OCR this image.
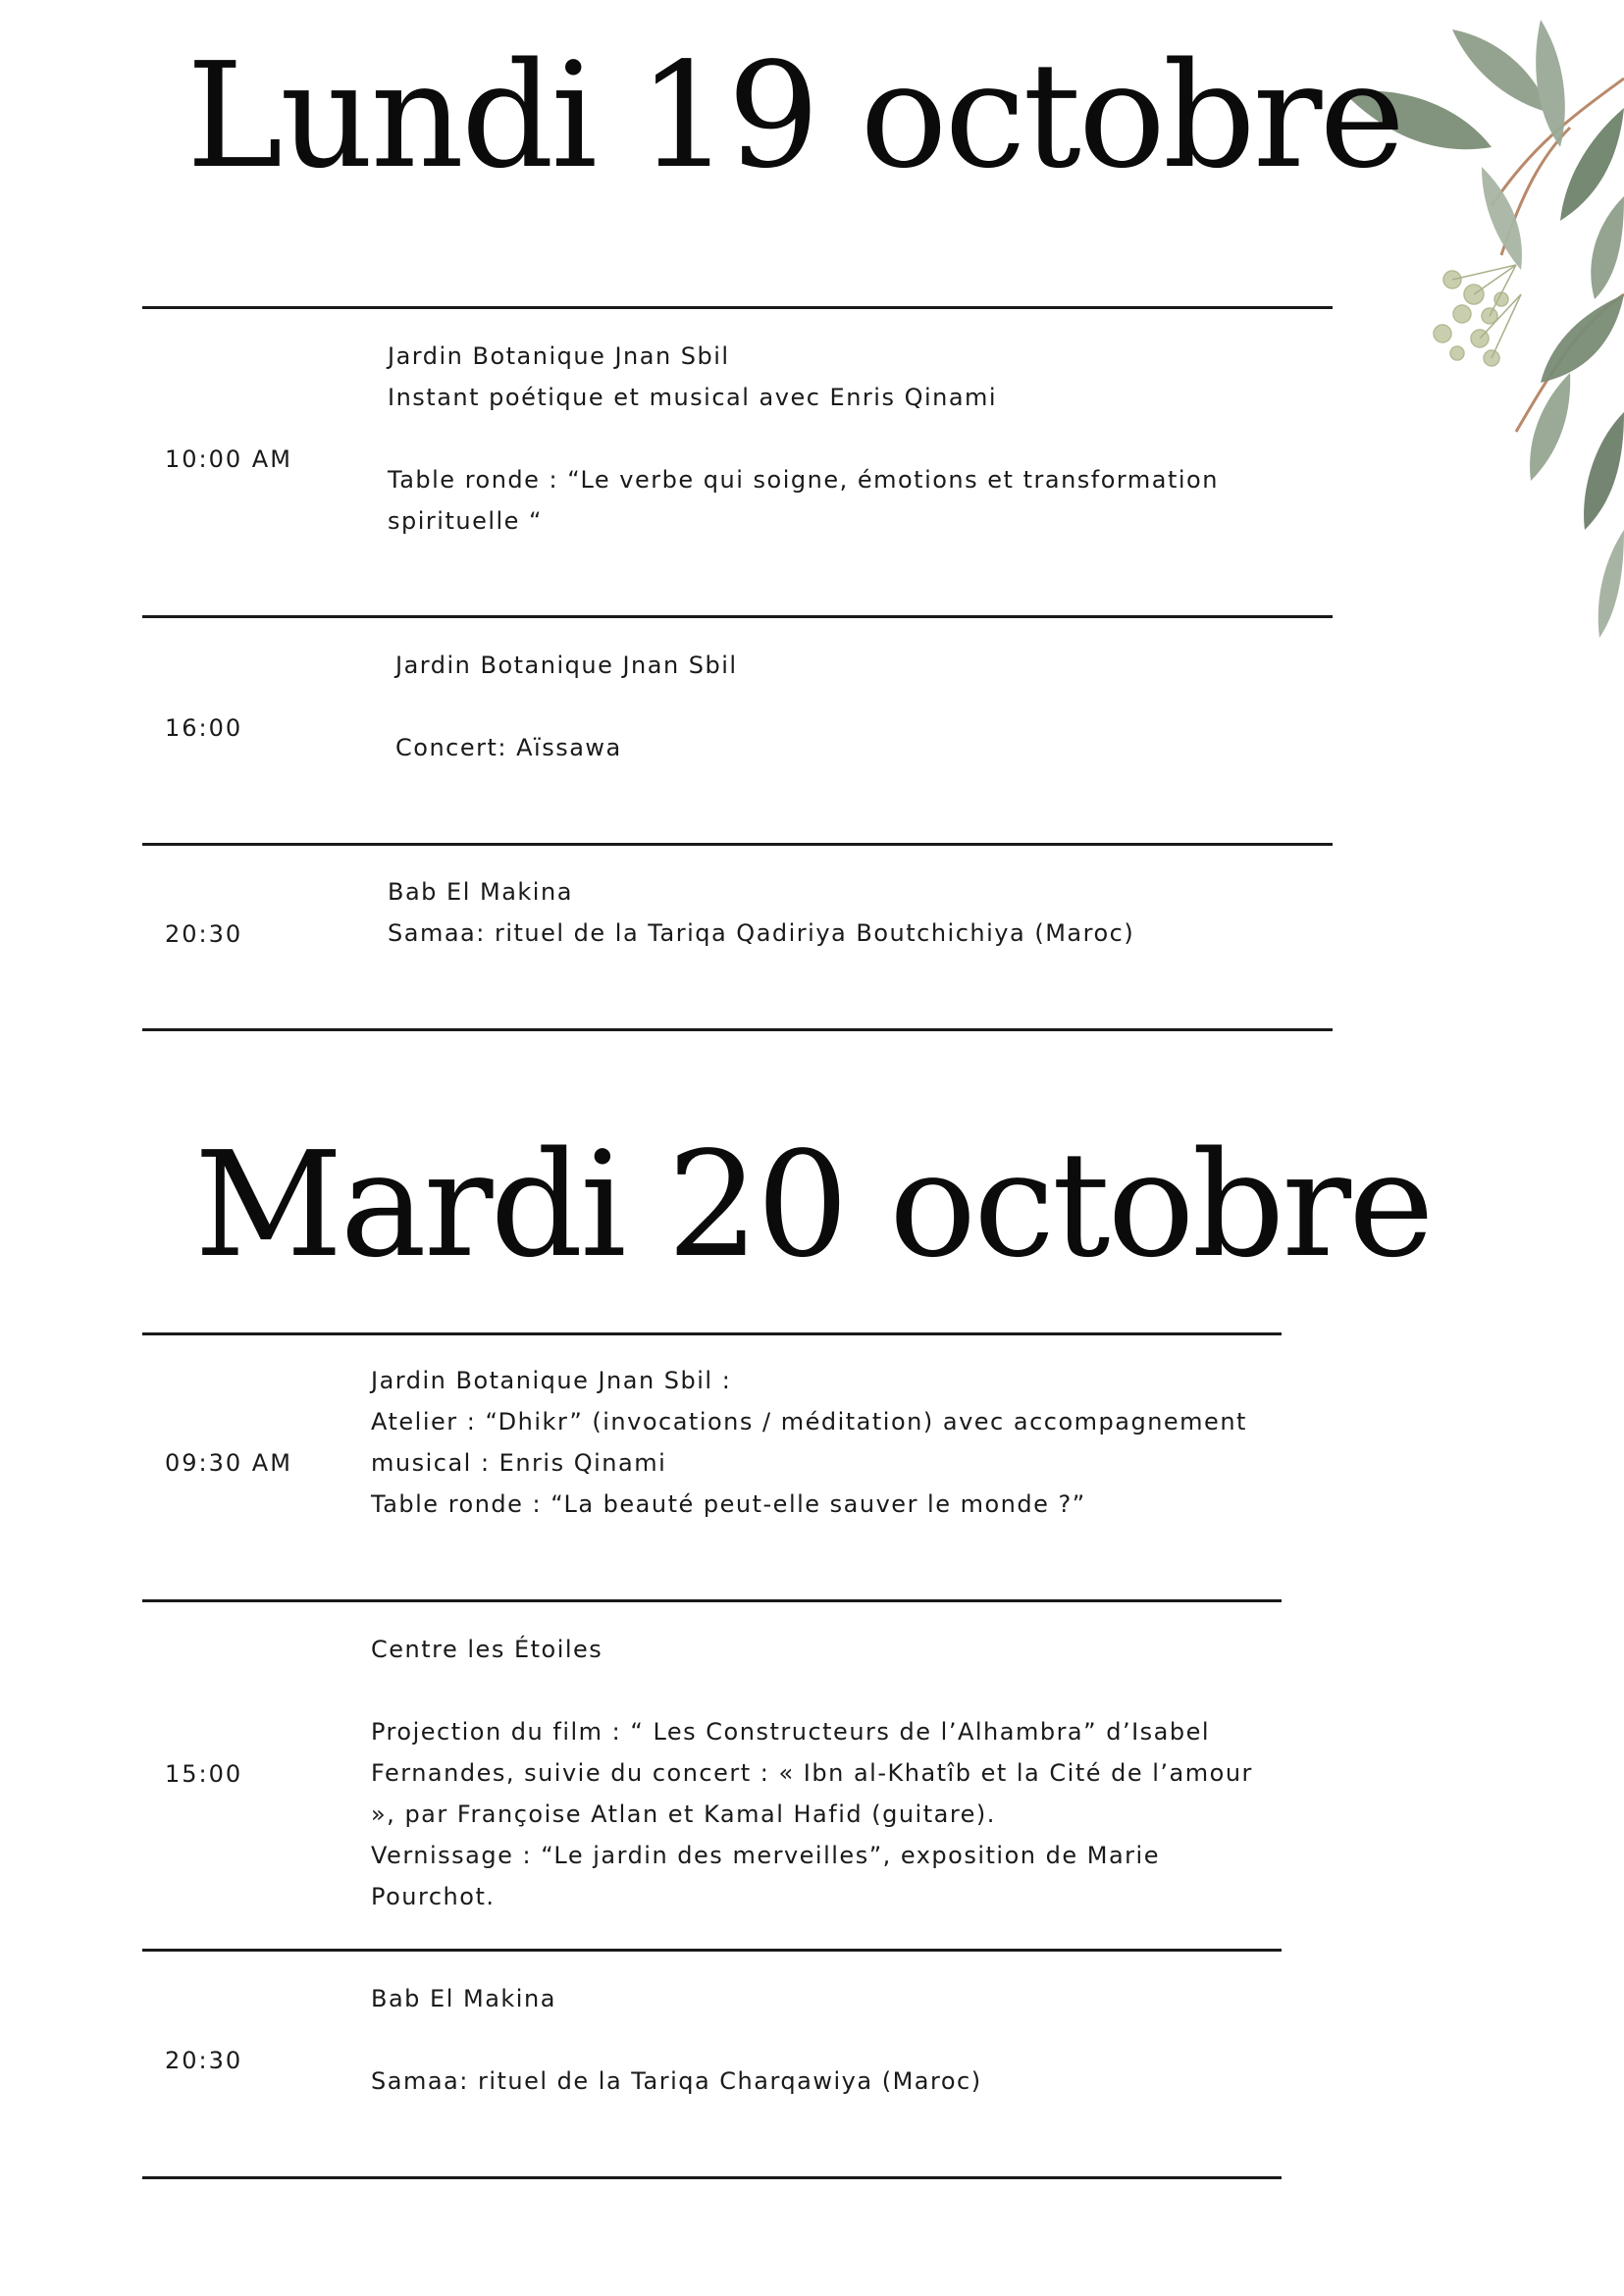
Lundi 19 octobre
10:00 AM
Jardin Botanique Jnan Sbil
Instant poétique et musical avec Enris Qinami
Table ronde : “Le verbe qui soigne, émotions et transformation
spirituelle “
16:00
Jardin Botanique Jnan Sbil
Concert: Aïssawa
20:30
Bab El Makina
Samaa: rituel de la Tariqa Qadiriya Boutchichiya (Maroc)
Mardi 20 octobre
09:30 AM
Jardin Botanique Jnan Sbil :
Atelier : “Dhikr” (invocations / méditation) avec accompagnement
musical : Enris Qinami
Table ronde : “La beauté peut-elle sauver le monde ?”
15:00
Centre les Étoiles
Projection du film : “ Les Constructeurs de l’Alhambra” d’Isabel
Fernandes, suivie du concert : « Ibn al-Khatîb et la Cité de l’amour
», par Françoise Atlan et Kamal Hafid (guitare).
Vernissage : “Le jardin des merveilles”, exposition de Marie
Pourchot.
20:30
Bab El Makina
Samaa: rituel de la Tariqa Charqawiya (Maroc)
